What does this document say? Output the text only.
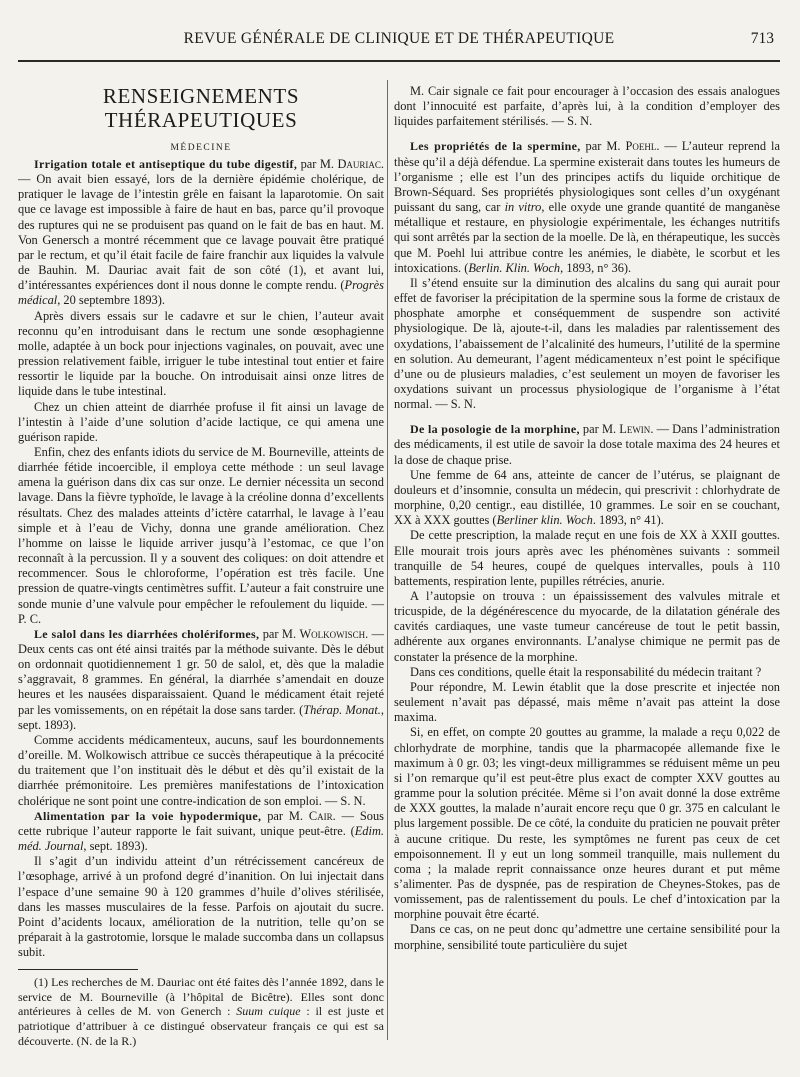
REVUE GÉNÉRALE DE CLINIQUE ET DE THÉRAPEUTIQUE	713
RENSEIGNEMENTS THÉRAPEUTIQUES
MÉDECINE

Irrigation totale et antiseptique du tube digestif, par M. Dauriac. — On avait bien essayé, lors de la dernière épidémie cholérique, de pratiquer le lavage de l’intestin grêle en faisant la laparotomie. On sait que ce lavage est impossible à faire de haut en bas, parce qu’il provoque des ruptures qui ne se produisent pas quand on le fait de bas en haut. M. Von Genersch a montré récemment que ce lavage pouvait être pratiqué par le rectum, et qu’il était facile de faire franchir aux liquides la valvule de Bauhin. M. Dauriac avait fait de son côté (1), et avant lui, d’intéressantes expériences dont il nous donne le compte rendu. (Progrès médical, 20 septembre 1893).

Après divers essais sur le cadavre et sur le chien, l’auteur avait reconnu qu’en introduisant dans le rectum une sonde œsophagienne molle, adaptée à un bock pour injections vaginales, on pouvait, avec une pression relativement faible, irriguer le tube intestinal tout entier et faire ressortir le liquide par la bouche. On introduisait ainsi onze litres de liquide dans le tube intestinal.

Chez un chien atteint de diarrhée profuse il fit ainsi un lavage de l’intestin à l’aide d’une solution d’acide lactique, ce qui amena une guérison rapide.

Enfin, chez des enfants idiots du service de M. Bourneville, atteints de diarrhée fétide incoercible, il employa cette méthode : un seul lavage amena la guérison dans dix cas sur onze. Le dernier nécessita un second lavage. Dans la fièvre typhoïde, le lavage à la créoline donna d’excellents résultats. Chez des malades atteints d’ictère catarrhal, le lavage à l’eau simple et à l’eau de Vichy, donna une grande amélioration. Chez l’homme on laisse le liquide arriver jusqu’à l’estomac, ce que l’on reconnaît à la percussion. Il y a souvent des coliques: on doit attendre et recommencer. Sous le chloroforme, l’opération est très facile. Une pression de quatre-vingts centimètres suffit. L’auteur a fait construire une sonde munie d’une valvule pour empêcher le refoulement du liquide. — P. C.

Le salol dans les diarrhées cholériformes, par M. Wolkowisch. — Deux cents cas ont été ainsi traités par la méthode suivante. Dès le début on ordonnait quotidiennement 1 gr. 50 de salol, et, dès que la maladie s’aggravait, 8 grammes. En général, la diarrhée s’amendait en douze heures et les nausées disparaissaient. Quand le médicament était rejeté par les vomissements, on en répétait la dose sans tarder. (Thérap. Monat., sept. 1893).

Comme accidents médicamenteux, aucuns, sauf les bourdonnements d’oreille. M. Wolkowisch attribue ce succès thérapeutique à la précocité du traitement que l’on instituait dès le début et dès qu’il existait de la diarrhée prémonitoire. Les premières manifestations de l’intoxication cholérique ne sont point une contre-indication de son emploi. — S. N.

Alimentation par la voie hypodermique, par M. Cair. — Sous cette rubrique l’auteur rapporte le fait suivant, unique peut-être. (Edim. méd. Journal, sept. 1893).

Il s’agit d’un individu atteint d’un rétrécissement cancéreux de l’œsophage, arrivé à un profond degré d’inanition. On lui injectait dans l’espace d’une semaine 90 à 120 grammes d’huile d’olives stérilisée, dans les masses musculaires de la fesse. Parfois on ajoutait du sucre. Point d’acidents locaux, amélioration de la nutrition, telle qu’on se préparait à la gastrotomie, lorsque le malade succomba dans un collapsus subit.

(1) Les recherches de M. Dauriac ont été faites dès l’année 1892, dans le service de M. Bourneville (à l’hôpital de Bicêtre). Elles sont donc antérieures à celles de M. von Generch : Suum cuique : il est juste et patriotique d’attribuer à ce distingué observateur français ce qui est sa découverte. (N. de la R.)

M. Cair signale ce fait pour encourager à l’occasion des essais analogues dont l’innocuité est parfaite, d’après lui, à la condition d’employer des liquides parfaitement stérilisés. — S. N.

Les propriétés de la spermine, par M. Poehl. — L’auteur reprend la thèse qu’il a déjà défendue. La spermine existerait dans toutes les humeurs de l’organisme ; elle est l’un des principes actifs du liquide orchitique de Brown-Séquard. Ses propriétés physiologiques sont celles d’un oxygénant puissant du sang, car in vitro, elle oxyde une grande quantité de manganèse métallique et restaure, en physiologie expérimentale, les échanges nutritifs qui sont arrêtés par la section de la moelle. De là, en thérapeutique, les succès que M. Poehl lui attribue contre les anémies, le diabète, le scorbut et les intoxications. (Berlin. Klin. Woch, 1893, n° 36).

Il s’étend ensuite sur la diminution des alcalins du sang qui aurait pour effet de favoriser la précipitation de la spermine sous la forme de cristaux de phosphate amorphe et conséquemment de suspendre son activité physiologique. De là, ajoute-t-il, dans les maladies par ralentissement des oxydations, l’abaissement de l’alcalinité des humeurs, l’utilité de la spermine en solution. Au demeurant, l’agent médicamenteux n’est point le spécifique d’une ou de plusieurs maladies, c’est seulement un moyen de favoriser les oxydations suivant un processus physiologique de l’organisme à l’état normal. — S. N.

De la posologie de la morphine, par M. Lewin. — Dans l’administration des médicaments, il est utile de savoir la dose totale maxima des 24 heures et la dose de chaque prise.

Une femme de 64 ans, atteinte de cancer de l’utérus, se plaignant de douleurs et d’insomnie, consulta un médecin, qui prescrivit : chlorhydrate de morphine, 0,20 centigr., eau distillée, 10 grammes. Le soir en se couchant, XX à XXX gouttes (Berliner klin. Woch. 1893, n° 41).

De cette prescription, la malade reçut en une fois de XX à XXII gouttes. Elle mourait trois jours après avec les phénomènes suivants : sommeil tranquille de 54 heures, coupé de quelques intervalles, pouls à 110 battements, respiration lente, pupilles rétrécies, anurie.

A l’autopsie on trouva : un épaississement des valvules mitrale et tricuspide, de la dégénérescence du myocarde, de la dilatation générale des cavités cardiaques, une vaste tumeur cancéreuse de tout le petit bassin, adhérente aux organes environnants. L’analyse chimique ne permit pas de constater la présence de la morphine.

Dans ces conditions, quelle était la responsabilité du médecin traitant ?

Pour répondre, M. Lewin établit que la dose prescrite et injectée non seulement n’avait pas dépassé, mais même n’avait pas atteint la dose maxima.

Si, en effet, on compte 20 gouttes au gramme, la malade a reçu 0,022 de chlorhydrate de morphine, tandis que la pharmacopée allemande fixe le maximum à 0 gr. 03; les vingt-deux milligrammes se réduisent même un peu si l’on remarque qu’il est peut-être plus exact de compter XXV gouttes au gramme pour la solution précitée. Même si l’on avait donné la dose extrême de XXX gouttes, la malade n’aurait encore reçu que 0 gr. 375 en calculant le plus largement possible. De ce côté, la conduite du praticien ne pouvait prêter à aucune critique. Du reste, les symptômes ne furent pas ceux de cet empoisonnement. Il y eut un long sommeil tranquille, mais nullement du coma ; la malade reprit connaissance onze heures durant et put même s’alimenter. Pas de dyspnée, pas de respiration de Cheynes-Stokes, pas de vomissement, pas de ralentissement du pouls. Le chef d’intoxication par la morphine pouvait être écarté.

Dans ce cas, on ne peut donc qu’admettre une certaine sensibilité pour la morphine, sensibilité toute particulière du sujet
